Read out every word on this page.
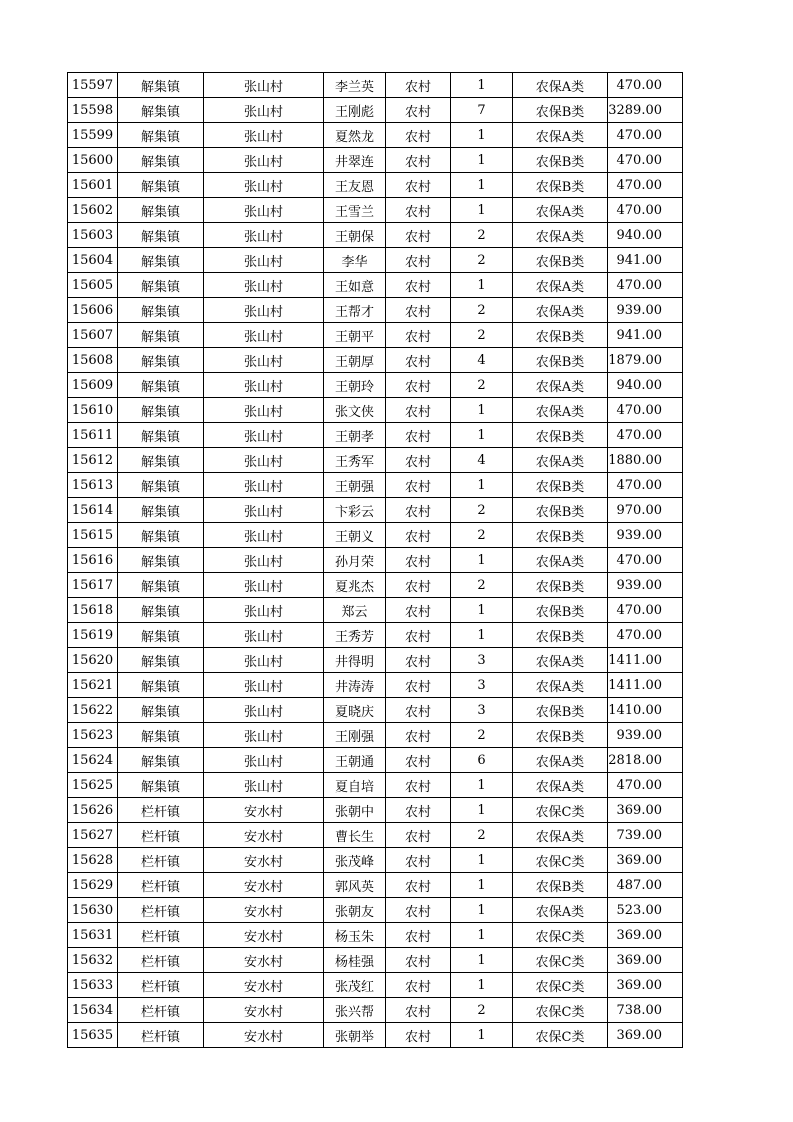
15597	解集镇	张山村	李兰英	农村	1	农保A类	470.00
15598	解集镇	张山村	王刚彪	农村	7	农保B类	3289.00
15599	解集镇	张山村	夏然龙	农村	1	农保A类	470.00
15600	解集镇	张山村	井翠连	农村	1	农保B类	470.00
15601	解集镇	张山村	王友恩	农村	1	农保B类	470.00
15602	解集镇	张山村	王雪兰	农村	1	农保A类	470.00
15603	解集镇	张山村	王朝保	农村	2	农保A类	940.00
15604	解集镇	张山村	李华	农村	2	农保B类	941.00
15605	解集镇	张山村	王如意	农村	1	农保A类	470.00
15606	解集镇	张山村	王帮才	农村	2	农保A类	939.00
15607	解集镇	张山村	王朝平	农村	2	农保B类	941.00
15608	解集镇	张山村	王朝厚	农村	4	农保B类	1879.00
15609	解集镇	张山村	王朝玲	农村	2	农保A类	940.00
15610	解集镇	张山村	张文侠	农村	1	农保A类	470.00
15611	解集镇	张山村	王朝孝	农村	1	农保B类	470.00
15612	解集镇	张山村	王秀军	农村	4	农保A类	1880.00
15613	解集镇	张山村	王朝强	农村	1	农保B类	470.00
15614	解集镇	张山村	卞彩云	农村	2	农保B类	970.00
15615	解集镇	张山村	王朝义	农村	2	农保B类	939.00
15616	解集镇	张山村	孙月荣	农村	1	农保A类	470.00
15617	解集镇	张山村	夏兆杰	农村	2	农保B类	939.00
15618	解集镇	张山村	郑云	农村	1	农保B类	470.00
15619	解集镇	张山村	王秀芳	农村	1	农保B类	470.00
15620	解集镇	张山村	井得明	农村	3	农保A类	1411.00
15621	解集镇	张山村	井涛涛	农村	3	农保A类	1411.00
15622	解集镇	张山村	夏晓庆	农村	3	农保B类	1410.00
15623	解集镇	张山村	王刚强	农村	2	农保B类	939.00
15624	解集镇	张山村	王朝通	农村	6	农保A类	2818.00
15625	解集镇	张山村	夏自培	农村	1	农保A类	470.00
15626	栏杆镇	安水村	张朝中	农村	1	农保C类	369.00
15627	栏杆镇	安水村	曹长生	农村	2	农保A类	739.00
15628	栏杆镇	安水村	张茂峰	农村	1	农保C类	369.00
15629	栏杆镇	安水村	郭风英	农村	1	农保B类	487.00
15630	栏杆镇	安水村	张朝友	农村	1	农保A类	523.00
15631	栏杆镇	安水村	杨玉朱	农村	1	农保C类	369.00
15632	栏杆镇	安水村	杨桂强	农村	1	农保C类	369.00
15633	栏杆镇	安水村	张茂红	农村	1	农保C类	369.00
15634	栏杆镇	安水村	张兴帮	农村	2	农保C类	738.00
15635	栏杆镇	安水村	张朝举	农村	1	农保C类	369.00
